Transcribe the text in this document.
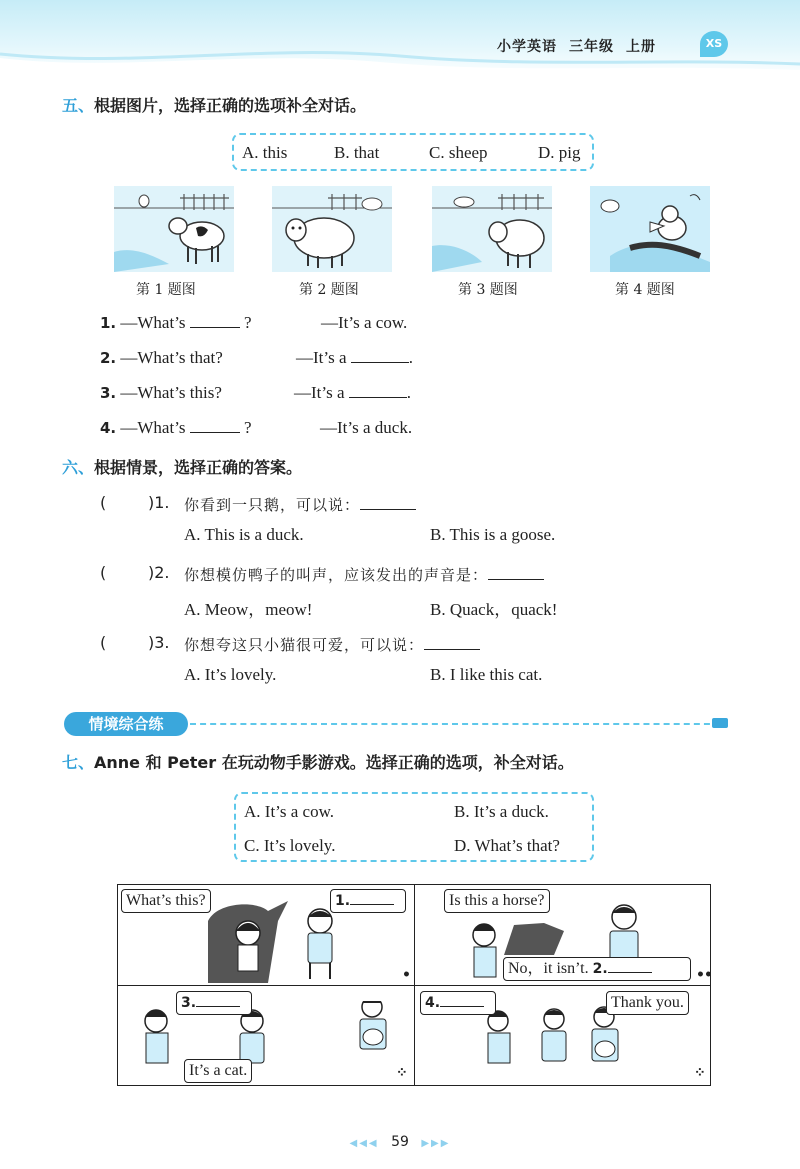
小学英语 三年级 上册	XS
五、根据图片，选择正确的选项补全对话。
A. this	B. that	C. sheep	D. pig
第 1 题图	第 2 题图	第 3 题图	第 4 题图
1. —What’s	?	—It’s a cow.
2. —What’s that?	—It’s a	.
3. —What’s this?	—It’s a	.
4. —What’s	?	—It’s a duck.
六、根据情景，选择正确的答案。
(	)1. 你看到一只鹅，可以说：
A. This is a duck.	B. This is a goose.
(	)2. 你想模仿鸭子的叫声，应该发出的声音是：
A. Meow，meow!	B. Quack，quack!
(	)3. 你想夸这只小猫很可爱，可以说：
A. It’s lovely.	B. I like this cat.
情境综合练
七、Anne 和 Peter 在玩动物手影游戏。选择正确的选项，补全对话。
A. It’s a cow.	B. It’s a duck.
C. It’s lovely.	D. What’s that?
What’s this?	1.
•
Is this a horse?
No，it isn’t. 2.	••
3.
It’s a cat.	⁘
4.	Thank you.
⁘
◀◀◀ 59 ▶▶▶
